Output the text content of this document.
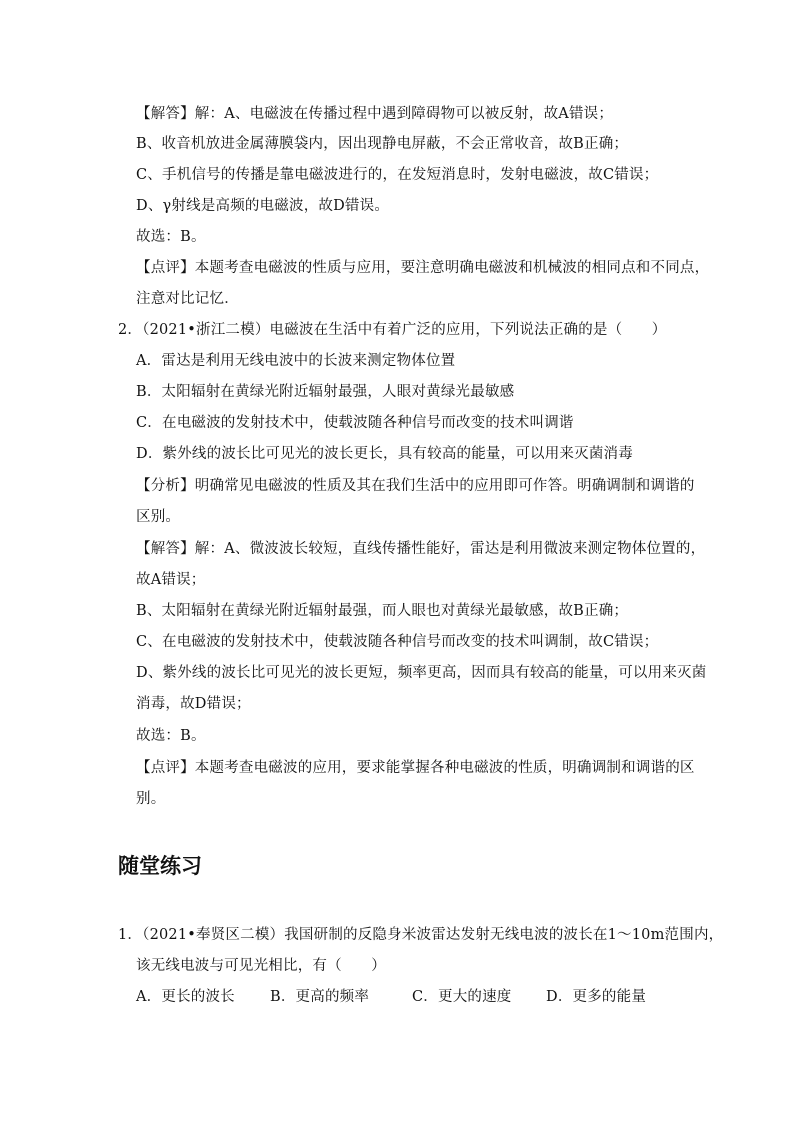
【解答】解：A、电磁波在传播过程中遇到障碍物可以被反射，故A错误；
B、收音机放进金属薄膜袋内，因出现静电屏蔽，不会正常收音，故B正确；
C、手机信号的传播是靠电磁波进行的，在发短消息时，发射电磁波，故C错误；
D、γ射线是高频的电磁波，故D错误。
故选：B。
【点评】本题考查电磁波的性质与应用，要注意明确电磁波和机械波的相同点和不同点，
注意对比记忆．
2．（2021•浙江二模）电磁波在生活中有着广泛的应用，下列说法正确的是（　　）
A．雷达是利用无线电波中的长波来测定物体位置
B．太阳辐射在黄绿光附近辐射最强，人眼对黄绿光最敏感
C．在电磁波的发射技术中，使载波随各种信号而改变的技术叫调谐
D．紫外线的波长比可见光的波长更长，具有较高的能量，可以用来灭菌消毒
【分析】明确常见电磁波的性质及其在我们生活中的应用即可作答。明确调制和调谐的
区别。
【解答】解：A、微波波长较短，直线传播性能好，雷达是利用微波来测定物体位置的，
故A错误；
B、太阳辐射在黄绿光附近辐射最强，而人眼也对黄绿光最敏感，故B正确；
C、在电磁波的发射技术中，使载波随各种信号而改变的技术叫调制，故C错误；
D、紫外线的波长比可见光的波长更短，频率更高，因而具有较高的能量，可以用来灭菌
消毒，故D错误；
故选：B。
【点评】本题考查电磁波的应用，要求能掌握各种电磁波的性质，明确调制和调谐的区
别。
随堂练习
1．（2021•奉贤区二模）我国研制的反隐身米波雷达发射无线电波的波长在1～10m范围内，
该无线电波与可见光相比，有（　　）
A．更长的波长 B．更高的频率	C．更大的速度 D．更多的能量
